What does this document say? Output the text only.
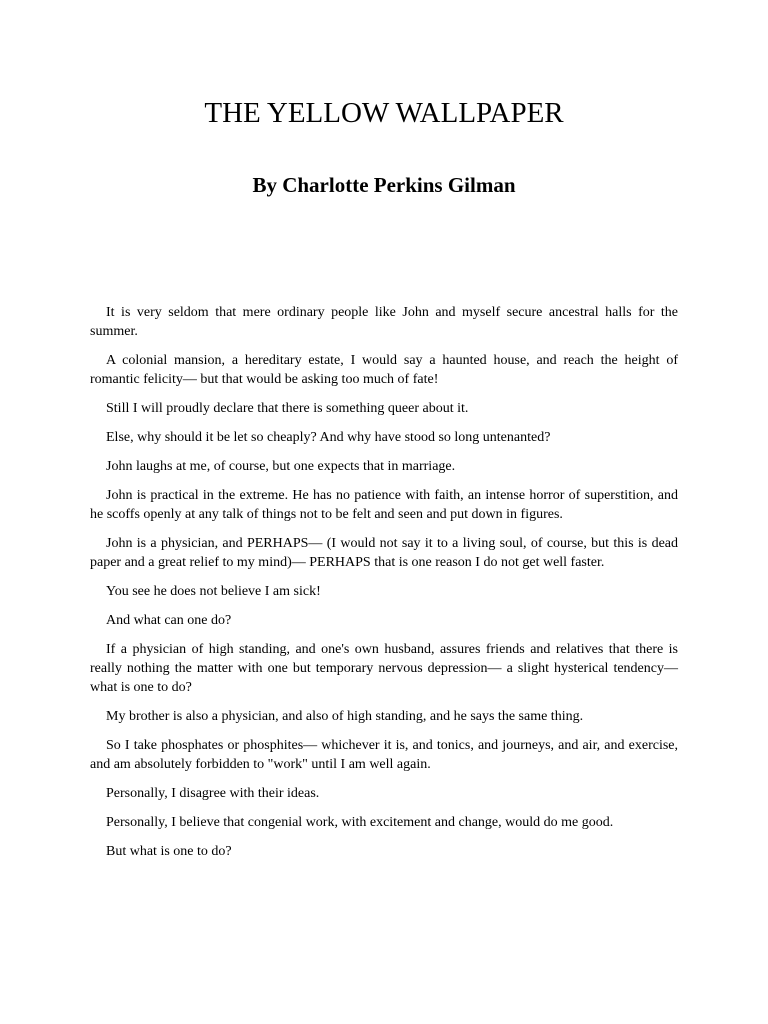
THE YELLOW WALLPAPER
By Charlotte Perkins Gilman

It is very seldom that mere ordinary people like John and myself secure ancestral halls for the summer.

A colonial mansion, a hereditary estate, I would say a haunted house, and reach the height of romantic felicity— but that would be asking too much of fate!

Still I will proudly declare that there is something queer about it.

Else, why should it be let so cheaply? And why have stood so long untenanted?

John laughs at me, of course, but one expects that in marriage.

John is practical in the extreme. He has no patience with faith, an intense horror of superstition, and he scoffs openly at any talk of things not to be felt and seen and put down in figures.

John is a physician, and PERHAPS— (I would not say it to a living soul, of course, but this is dead paper and a great relief to my mind)— PERHAPS that is one reason I do not get well faster.

You see he does not believe I am sick!

And what can one do?

If a physician of high standing, and one's own husband, assures friends and relatives that there is really nothing the matter with one but temporary nervous depression— a slight hysterical tendency— what is one to do?

My brother is also a physician, and also of high standing, and he says the same thing.

So I take phosphates or phosphites— whichever it is, and tonics, and journeys, and air, and exercise, and am absolutely forbidden to "work" until I am well again.

Personally, I disagree with their ideas.

Personally, I believe that congenial work, with excitement and change, would do me good.

But what is one to do?
